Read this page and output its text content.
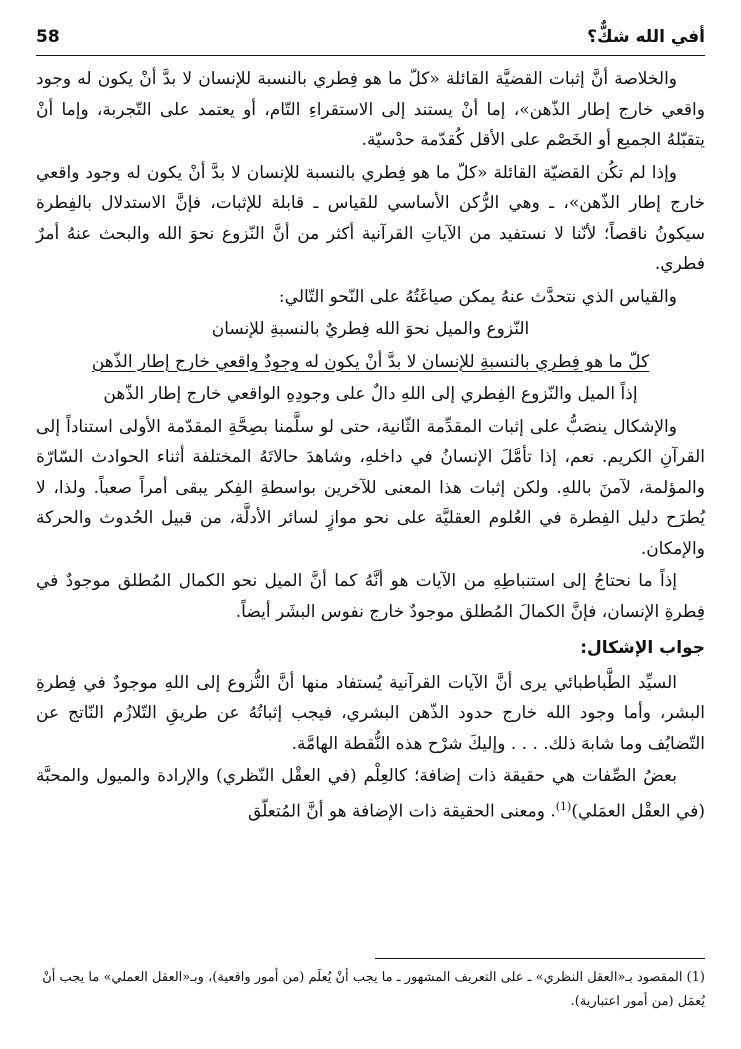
58	أفي الله شكٌّ؟

والخلاصة أنَّ إثبات القضيَّة القائلة «كلّ ما هو فِطري بالنسبة للإنسان لا بدَّ أنْ يكون له وجود واقعي خارج إطار الذّهن»، إما أنْ يستند إلى الاستقراءِ التّام، أو يعتمد على التّجربة، وإما أنْ يتقبّلهُ الجميع أو الخَصْم على الأقل كُقدّمة حدْسيّة.

وإذا لم تكُن القضيّة القائلة «كلّ ما هو فِطري بالنسبة للإنسان لا بدَّ أنْ يكون له وجود واقعي خارج إطار الذّهن»، ـ وهي الرُّكن الأساسي للقياس ـ قابلة للإثبات، فإنَّ الاستدلال بالفِطرة سيكونُ ناقصاً؛ لأنّنا لا نستفيد من الآياتِ القرآنية أكثر من أنَّ النّزوع نحوَ الله والبحث عنهُ أمرٌ فطري.

والقياس الذي نتحدَّث عنهُ يمكن صياغَتُهُ على النّحو التّالي:

النّزوع والميل نحوَ الله فِطريٌ بالنسبةِ للإنسان

كلّ ما هو فِطري بالنسبةِ للإنسان لا بدَّ أنْ يكون له وجودٌ واقعي خارج إطار الذّهن

إذاً الميل والنّزوع الفِطري إلى اللهِ دالٌ على وجودِهِ الواقعي خارج إطار الذّهن

والإشكال ينصَبُّ على إثبات المقدِّمة الثّانية، حتى لو سلَّمنا بصِحَّةِ المقدّمة الأولى استناداً إلى القرآنِ الكريم. نعم، إذا تأمَّلَ الإنسانُ في داخلهِ، وشاهدَ حالاتَهُ المختلفة أثناء الحوادث السّارّة والمؤلمة، لآمنَ باللهِ. ولكن إثبات هذا المعنى للآخرين بواسطةِ الفِكر يبقى أمراً صعباً. ولذا، لا يُطرَح دليل الفِطرة في العُلوم العقليَّة على نحو موازٍ لسائر الأدلَّة، من قبيل الحُدوث والحركة والإمكان.

إذاً ما نحتاجُ إلى استنباطِهِ من الآيات هو أنَّهُ كما أنَّ الميل نحو الكمال المُطلق موجودٌ في فِطرةِ الإنسان، فإنَّ الكمالَ المُطلق موجودٌ خارج نفوس البشَر أيضاً.

جواب الإشكال:

السيِّد الطَّباطبائي يرى أنَّ الآيات القرآنية يُستفاد منها أنَّ النُّزوع إلى اللهِ موجودٌ في فِطرةِ البشر، وأما وجود الله خارج حدود الذّهن البشري، فيجب إثباتُهُ عن طريقِ التّلازُم النّاتج عن التّضايُف وما شابهَ ذلك. . . . وإليكَ شرْح هذه النُّقطة الهامَّة.

بعضُ الصِّفات هي حقيقة ذات إضافة؛ كالعِلْم (في العقْل النّظري) والإرادة والميول والمحبَّة (في العقْل العمَلي)$^{(1)}$. ومعنى الحقيقة ذات الإضافة هو أنَّ المُتعلّق

(1) المقصود بـ«العقل النظري» ـ على التعريف المشهور ـ ما يجب أنْ يُعلَم (من أمور واقعية)، وبـ«العقل العملي» ما يجب أنْ يُعمَل (من أمور اعتبارية).
